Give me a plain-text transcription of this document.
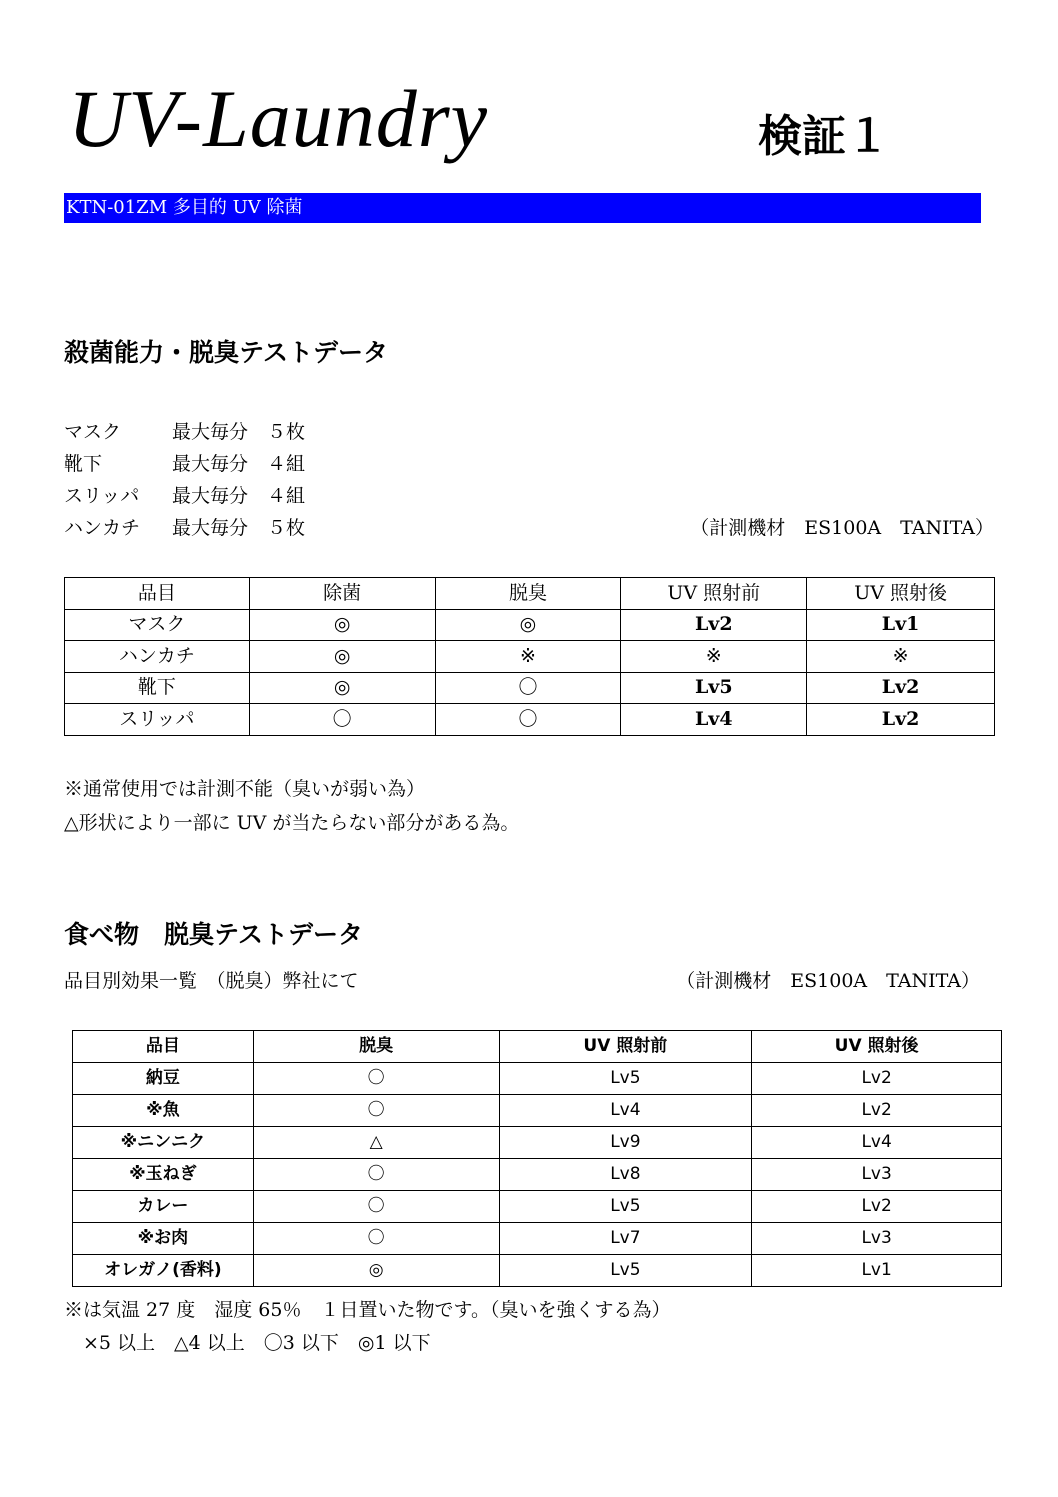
UV-Laundry	検証１
KTN-01ZM 多目的 UV 除菌
殺菌能力・脱臭テストデータ
マスク	最大毎分　５枚
靴下	最大毎分　４組
スリッパ 最大毎分　４組
ハンカチ 最大毎分　５枚	（計測機材　ES100A　TANITA）
品目	除菌	脱臭	UV 照射前	UV 照射後
マスク	◎	◎	Lv2	Lv1
ハンカチ	◎	※	※	※
靴下	◎	〇	Lv5	Lv2
スリッパ	〇	〇	Lv4	Lv2
※通常使用では計測不能（臭いが弱い為）
△形状により一部に UV が当たらない部分がある為。
食べ物　脱臭テストデータ
品目別効果一覧　（脱臭）弊社にて	（計測機材　ES100A　TANITA）
品目	脱臭	UV 照射前	UV 照射後
納豆	〇	Lv5	Lv2
※魚	〇	Lv4	Lv2
※ニンニク	△	Lv9	Lv4
※玉ねぎ	〇	Lv8	Lv3
カレー	〇	Lv5	Lv2
※お肉	〇	Lv7	Lv3
オレガノ(香料)	◎	Lv5	Lv1
※は気温 27 度　湿度 65％　１日置いた物です。（臭いを強くする為）
　×5 以上　△4 以上　〇3 以下　◎1 以下
